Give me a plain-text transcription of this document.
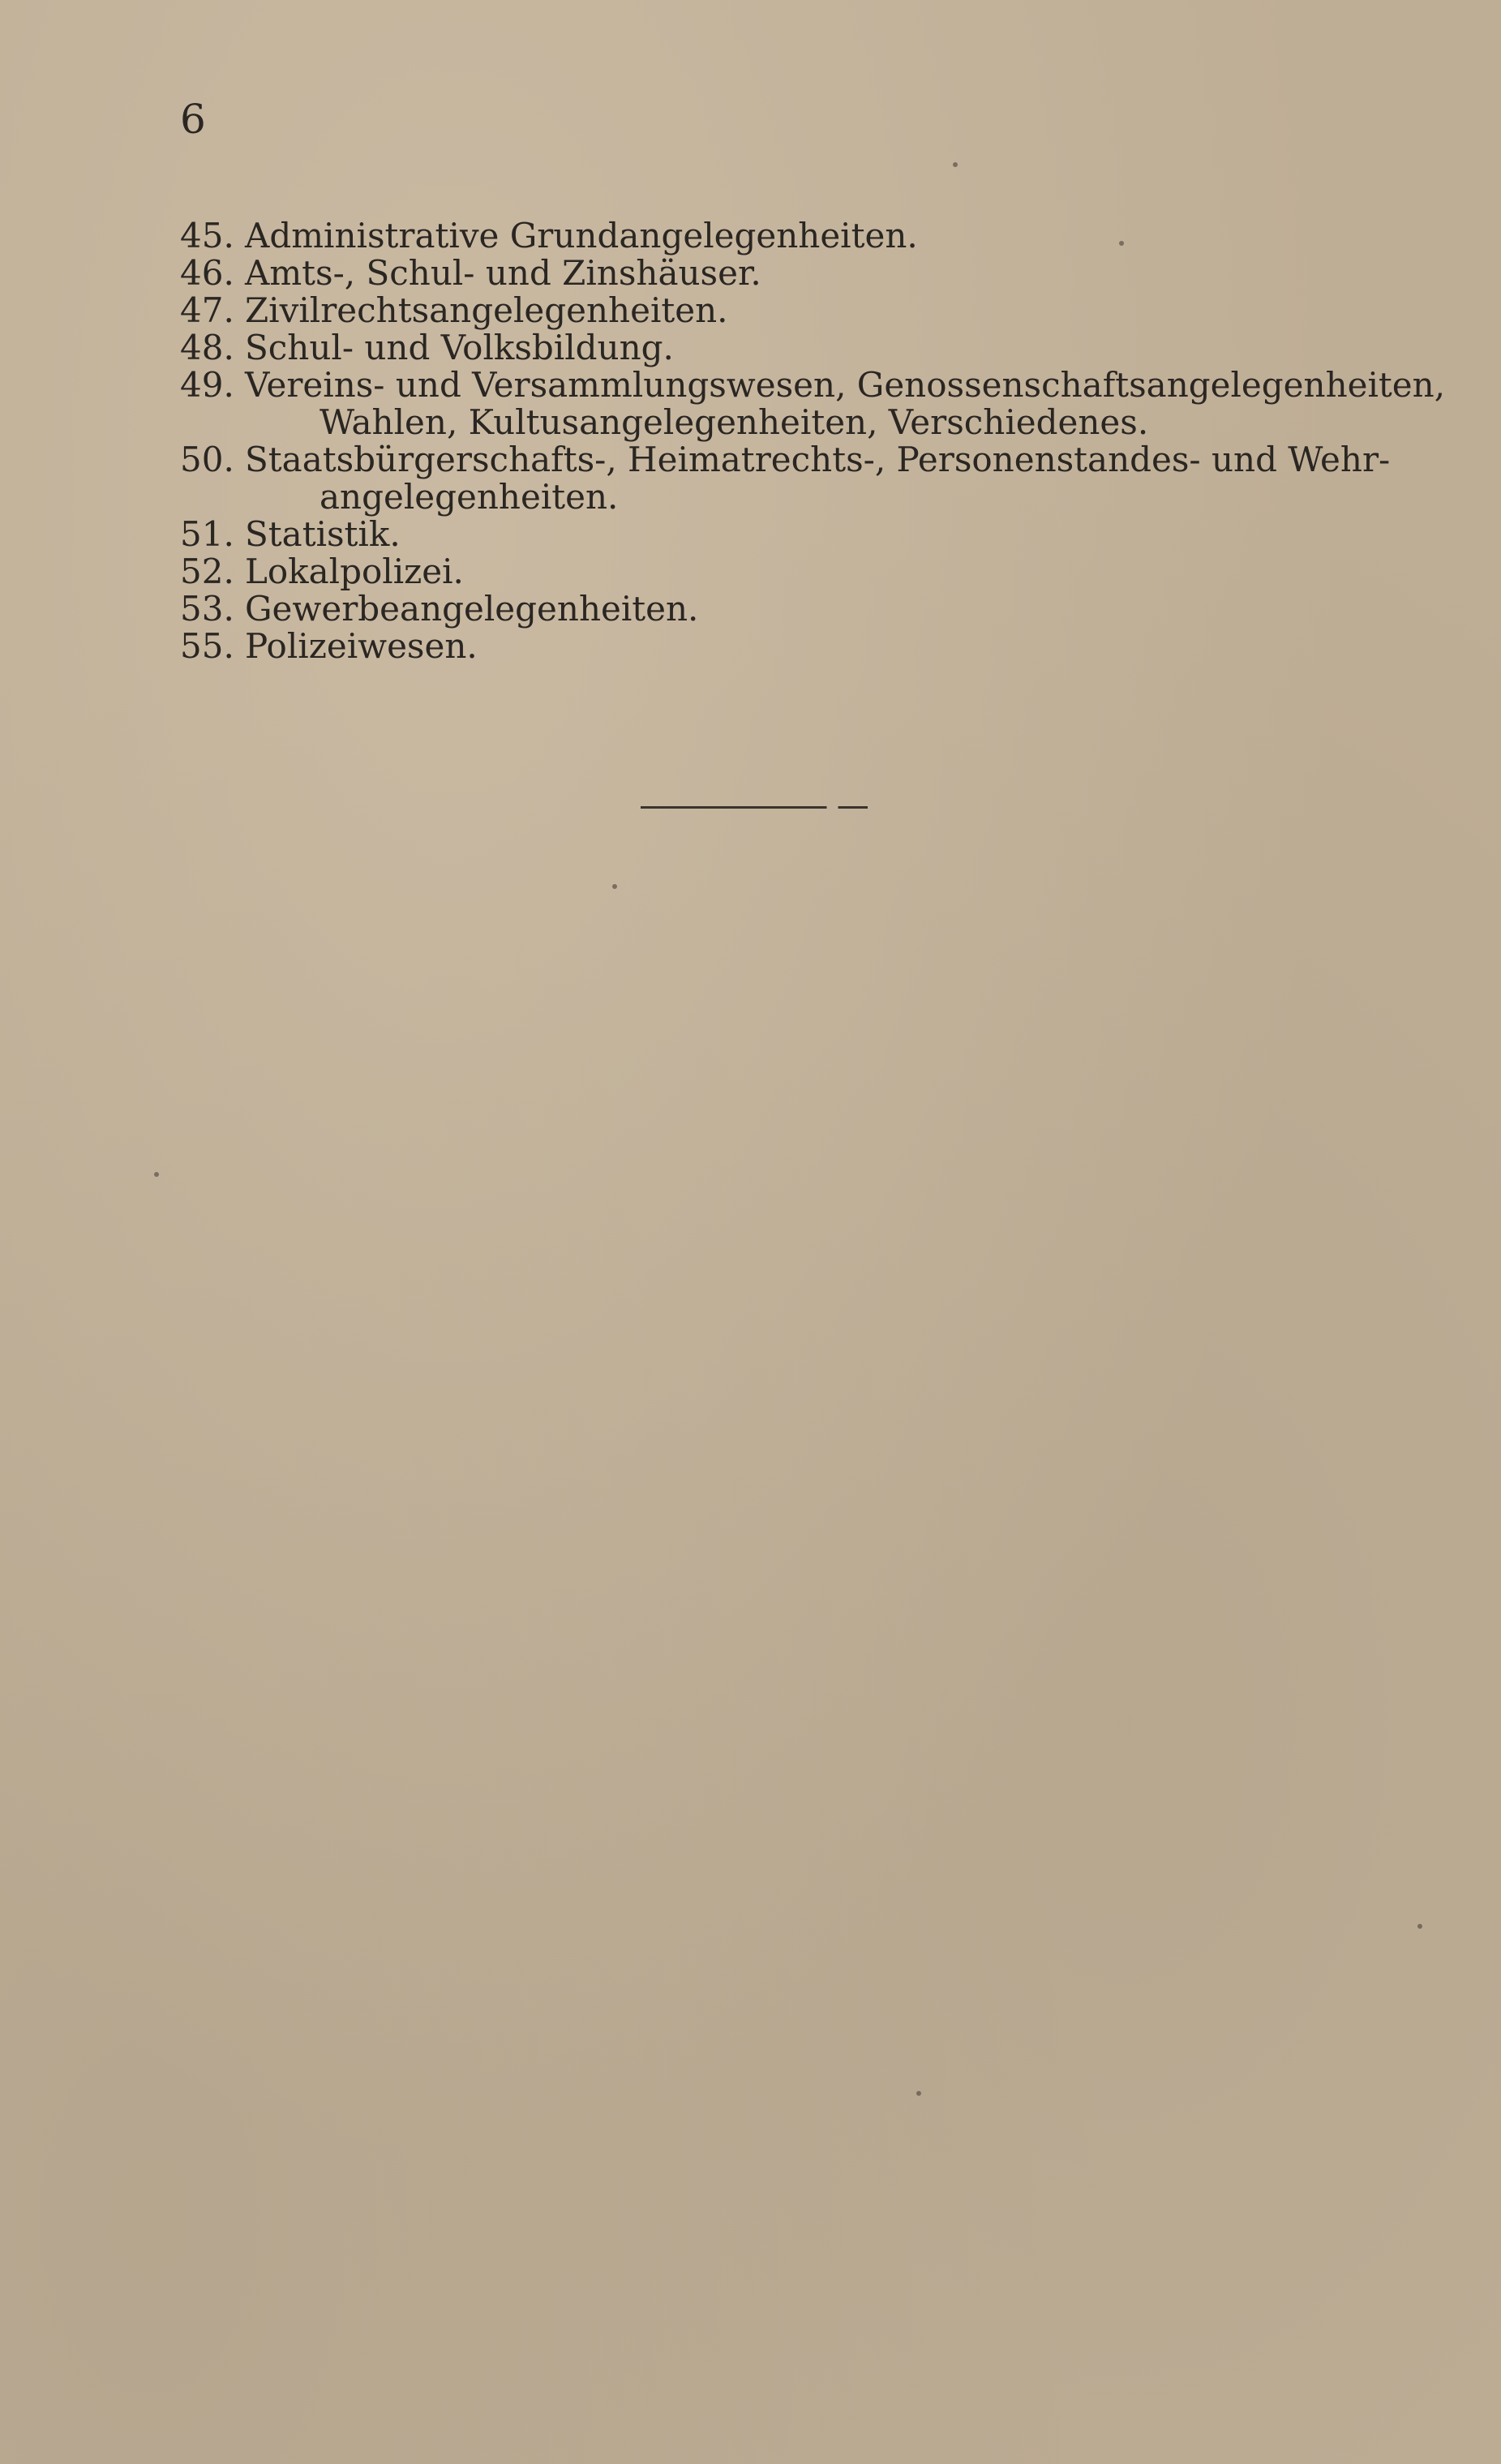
6
45. Administrative Grundangelegenheiten.
46. Amts-, Schul- und Zinshäuser.
47. Zivilrechtsangelegenheiten.
48. Schul- und Volksbildung.
49. Vereins- und Versammlungswesen, Genossenschaftsangelegenheiten,
Wahlen, Kultusangelegenheiten, Verschiedenes.
50. Staatsbürgerschafts-, Heimatrechts-, Personenstandes- und Wehr-
angelegenheiten.
51. Statistik.
52. Lokalpolizei.
53. Gewerbeangelegenheiten.
55. Polizeiwesen.
